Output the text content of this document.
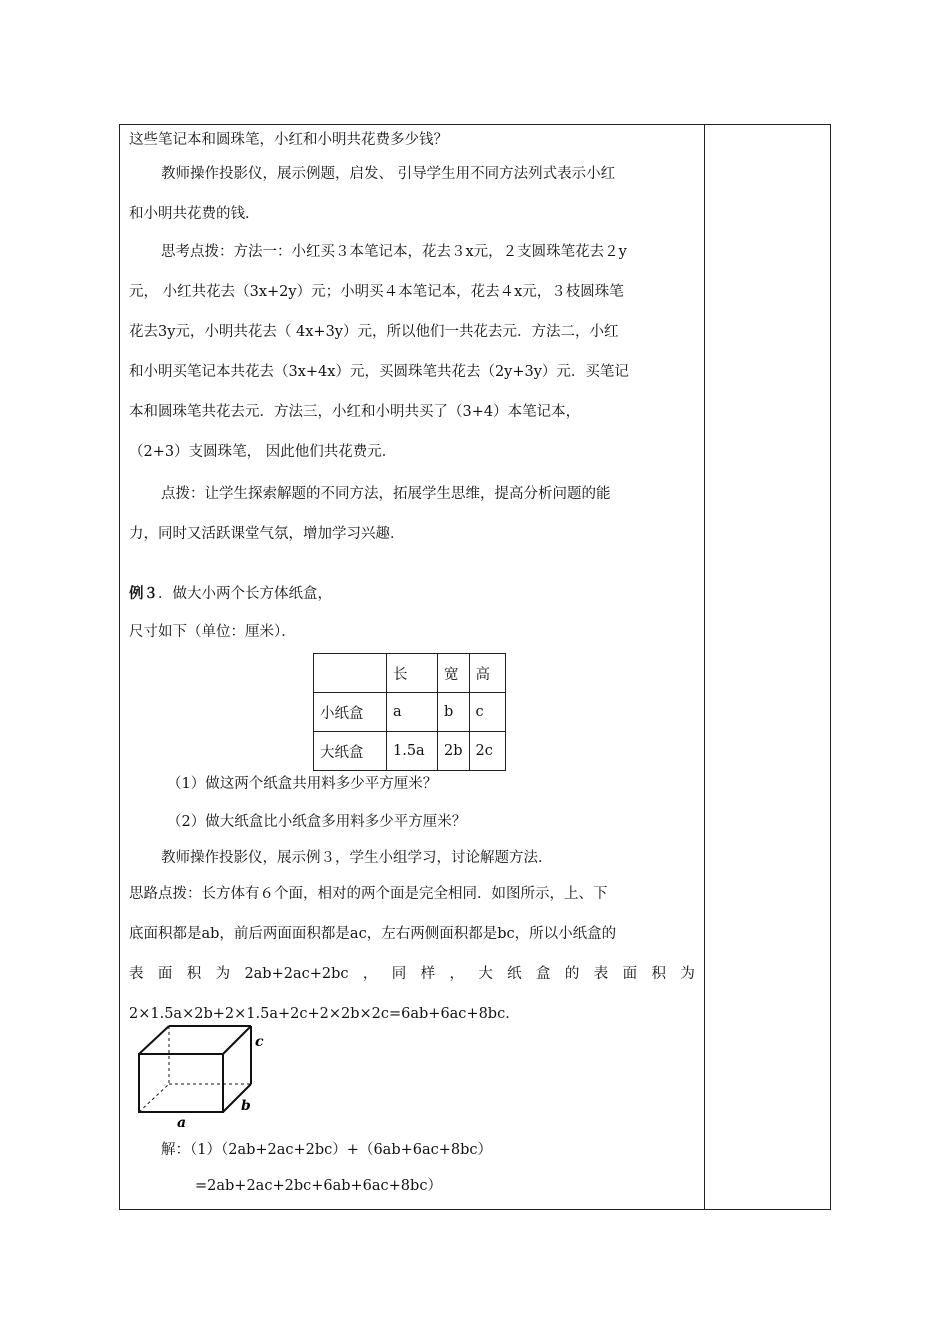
这些笔记本和圆珠笔，小红和小明共花费多少钱？
教师操作投影仪，展示例题，启发、 引导学生用不同方法列式表示小红
和小明共花费的钱．
思考点拨：方法一：小红买３本笔记本，花去３x元，２支圆珠笔花去２y
元， 小红共花去（3x+2y）元；小明买４本笔记本，花去４x元，３枝圆珠笔
花去3y元，小明共花去（ 4x+3y）元，所以他们一共花去元．方法二，小红
和小明买笔记本共花去（3x+4x）元，买圆珠笔共花去（2y+3y）元．买笔记
本和圆珠笔共花去元．方法三，小红和小明共买了（3+4）本笔记本，
（2+3）支圆珠笔， 因此他们共花费元．
点拨：让学生探索解题的不同方法，拓展学生思维，提高分析问题的能
力，同时又活跃课堂气氛，增加学习兴趣．
例３．做大小两个长方体纸盒，
尺寸如下（单位：厘米）．
	长	宽	高
小纸盒	a	b	c
大纸盒	1.5a	2b	2c
（1）做这两个纸盒共用料多少平方厘米？
（2）做大纸盒比小纸盒多用料多少平方厘米？
教师操作投影仪，展示例３，学生小组学习，讨论解题方法．
思路点拨：长方体有６个面，相对的两个面是完全相同．如图所示，上、下
底面积都是ab，前后两面面积都是ac，左右两侧面积都是bc，所以小纸盒的
表 面 积 为 2ab+2ac+2bc ， 同 样 ， 大 纸 盒 的 表 面 积 为
2×1.5a×2b+2×1.5a+2c+2×2b×2c=6ab+6ac+8bc．
c
b
a
解：（1）（2ab+2ac+2bc）+（6ab+6ac+8bc）
=2ab+2ac+2bc+6ab+6ac+8bc）
